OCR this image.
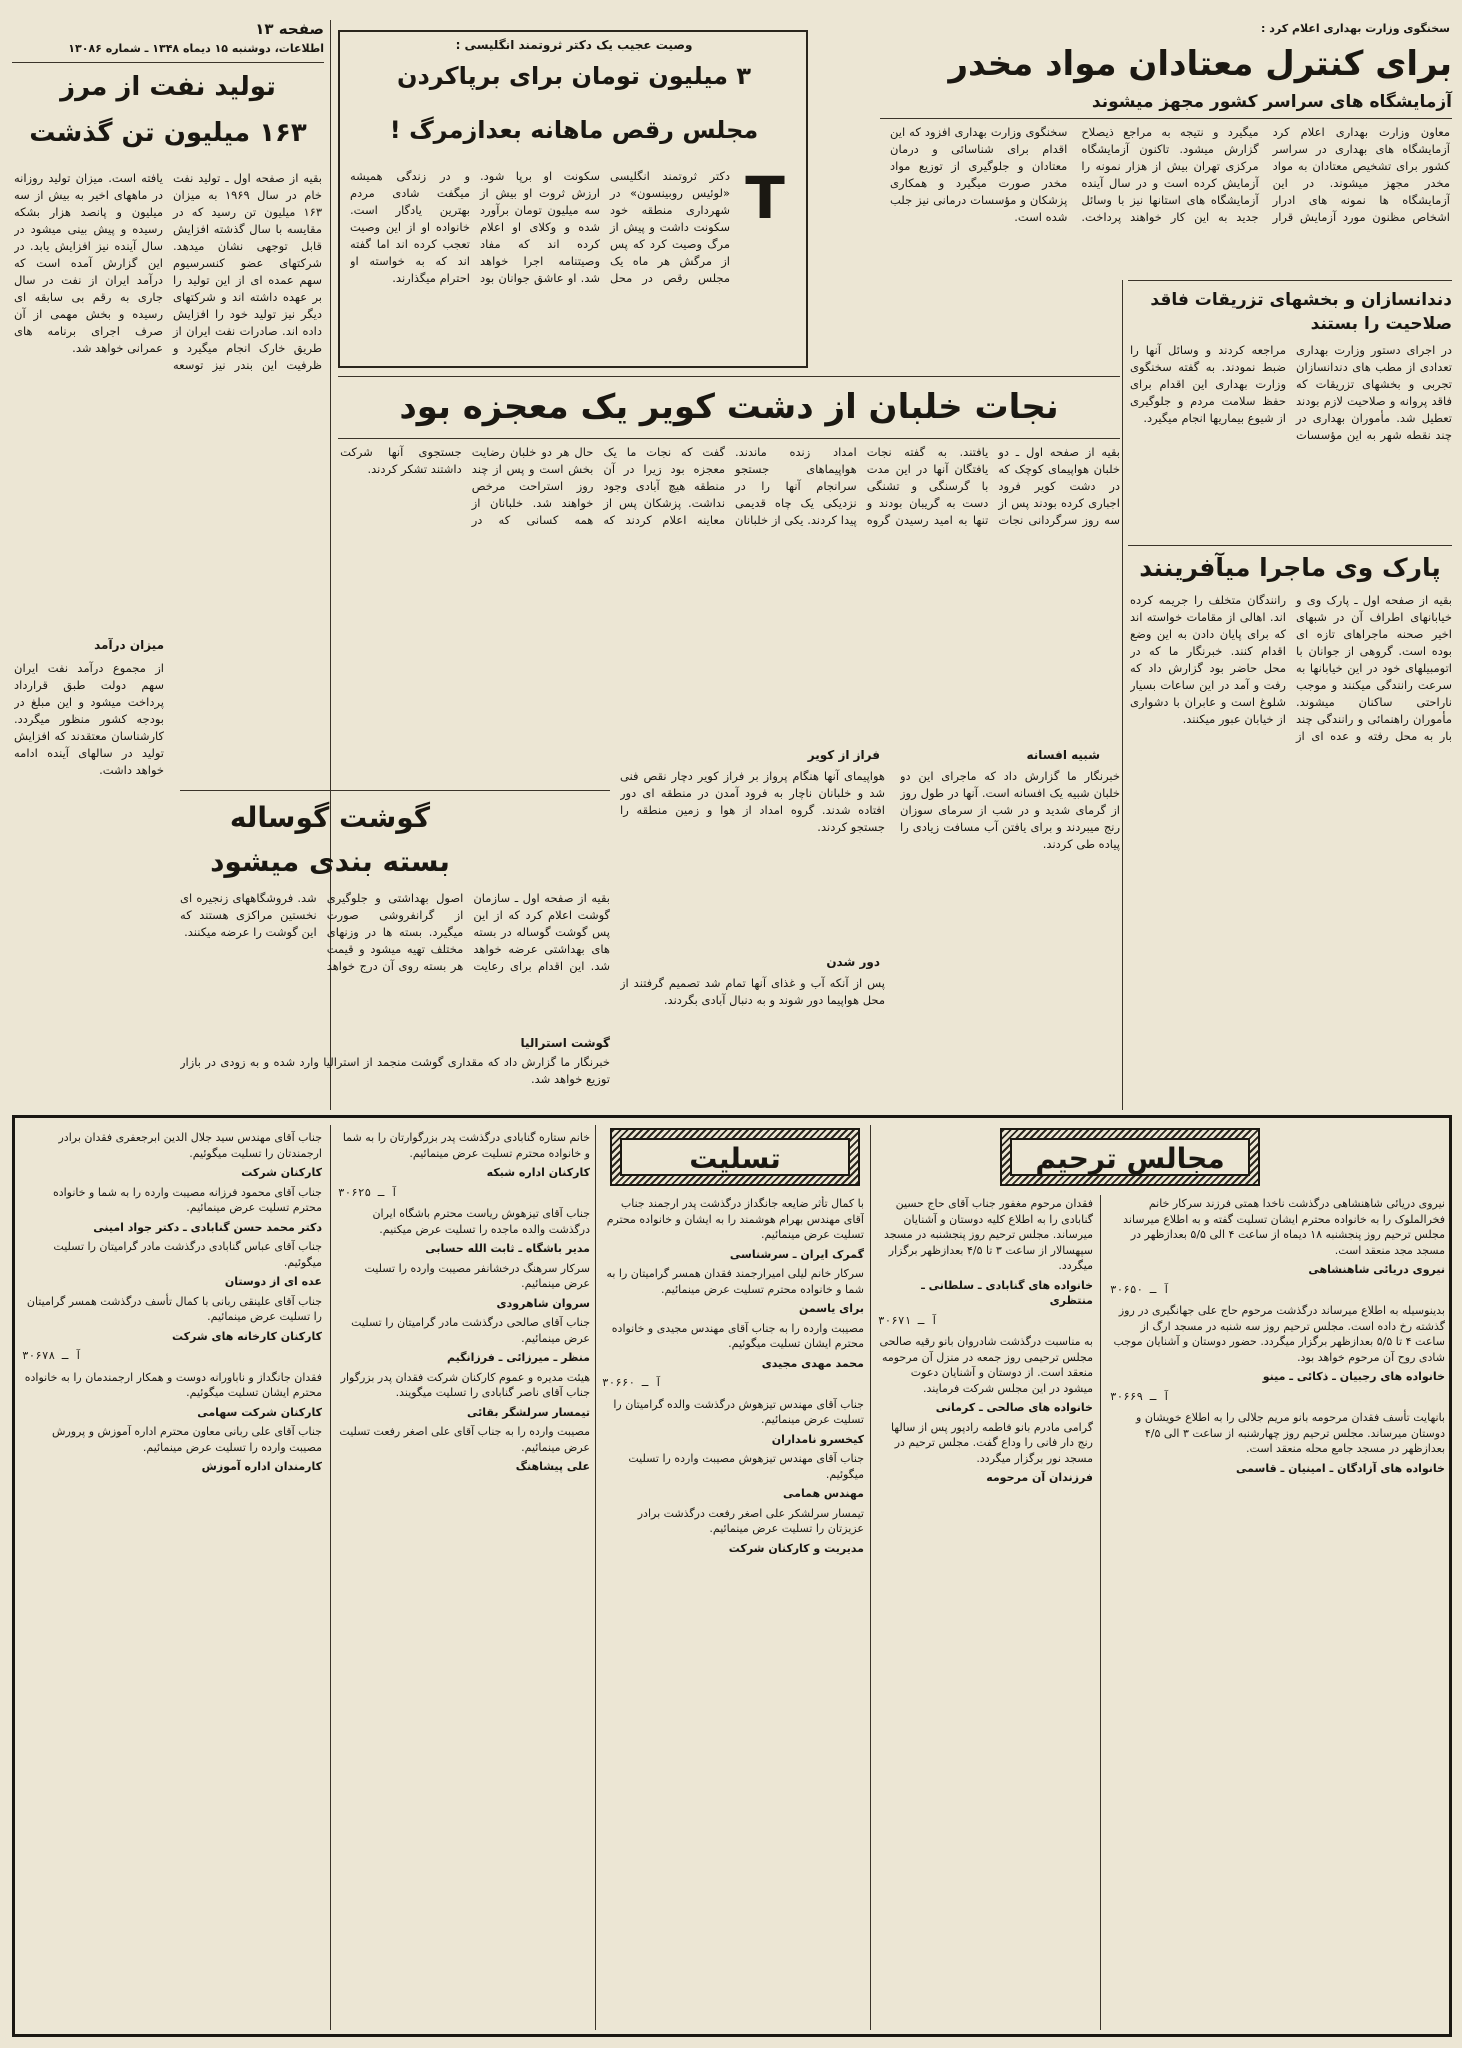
سخنگوی وزارت بهداری اعلام کرد :
برای کنترل معتادان مواد مخدر
آزمایشگاه های سراسر کشور مجهز میشوند
معاون وزارت بهداری اعلام کرد آزمایشگاه های بهداری در سراسر کشور برای تشخیص معتادان به مواد مخدر مجهز میشوند. در این آزمایشگاه ها نمونه های ادرار اشخاص مظنون مورد آزمایش قرار میگیرد و نتیجه به مراجع ذیصلاح گزارش میشود. تاکنون آزمایشگاه مرکزی تهران بیش از هزار نمونه را آزمایش کرده است و در سال آینده آزمایشگاه های استانها نیز با وسائل جدید به این کار خواهند پرداخت. سخنگوی وزارت بهداری افزود که این اقدام برای شناسائی و درمان معتادان و جلوگیری از توزیع مواد مخدر صورت میگیرد و همکاری پزشکان و مؤسسات درمانی نیز جلب شده است.
دندانسازان و بخشهای تزریقات فاقد صلاحیت را بستند
در اجرای دستور وزارت بهداری تعدادی از مطب های دندانسازان تجربی و بخشهای تزریقات که فاقد پروانه و صلاحیت لازم بودند تعطیل شد. مأموران بهداری در چند نقطه شهر به این مؤسسات مراجعه کردند و وسائل آنها را ضبط نمودند. به گفته سخنگوی وزارت بهداری این اقدام برای حفظ سلامت مردم و جلوگیری از شیوع بیماریها انجام میگیرد.
پارک وی ماجرا میآفرینند
بقیه از صفحه اول ـ پارک وی و خیابانهای اطراف آن در شبهای اخیر صحنه ماجراهای تازه ای بوده است. گروهی از جوانان با اتومبیلهای خود در این خیابانها به سرعت رانندگی میکنند و موجب ناراحتی ساکنان میشوند. مأموران راهنمائی و رانندگی چند بار به محل رفته و عده ای از رانندگان متخلف را جریمه کرده اند. اهالی از مقامات خواسته اند که برای پایان دادن به این وضع اقدام کنند. خبرنگار ما که در محل حاضر بود گزارش داد که رفت و آمد در این ساعات بسیار شلوغ است و عابران با دشواری از خیابان عبور میکنند.
وصیت عجیب یک دکتر ثروتمند انگلیسی :
۳ میلیون تومان برای برپاکردن
مجلس رقص ماهانه بعدازمرگ !
T
دکتر ثروتمند انگلیسی «لوئیس روبینسون» در شهرداری منطقه خود سکونت داشت و پیش از مرگ وصیت کرد که پس از مرگش هر ماه یک مجلس رقص در محل سکونت او برپا شود. ارزش ثروت او بیش از سه میلیون تومان برآورد شده و وکلای او اعلام کرده اند که مفاد وصیتنامه اجرا خواهد شد. او عاشق جوانان بود و در زندگی همیشه میگفت شادی مردم بهترین یادگار است. خانواده او از این وصیت تعجب کرده اند اما گفته اند که به خواسته او احترام میگذارند.
صفحه ۱۳
اطلاعات، دوشنبه ۱۵ دیماه ۱۳۴۸ ـ شماره ۱۳۰۸۶
تولید نفت از مرز
۱۶۳ میلیون تن گذشت
بقیه از صفحه اول ـ تولید نفت خام در سال ۱۹۶۹ به میزان ۱۶۳ میلیون تن رسید که در مقایسه با سال گذشته افزایش قابل توجهی نشان میدهد. شرکتهای عضو کنسرسیوم سهم عمده ای از این تولید را بر عهده داشته اند و شرکتهای دیگر نیز تولید خود را افزایش داده اند. صادرات نفت ایران از طریق خارک انجام میگیرد و ظرفیت این بندر نیز توسعه یافته است. میزان تولید روزانه در ماههای اخیر به بیش از سه میلیون و پانصد هزار بشکه رسیده و پیش بینی میشود در سال آینده نیز افزایش یابد. در این گزارش آمده است که درآمد ایران از نفت در سال جاری به رقم بی سابقه ای رسیده و بخش مهمی از آن صرف اجرای برنامه های عمرانی خواهد شد.
میزان درآمد
از مجموع درآمد نفت ایران سهم دولت طبق قرارداد پرداخت میشود و این مبلغ در بودجه کشور منظور میگردد. کارشناسان معتقدند که افزایش تولید در سالهای آینده ادامه خواهد داشت.
نجات خلبان از دشت کویر یک معجزه بود
بقیه از صفحه اول ـ دو خلبان هواپیمای کوچک که در دشت کویر فرود اجباری کرده بودند پس از سه روز سرگردانی نجات یافتند. به گفته نجات یافتگان آنها در این مدت با گرسنگی و تشنگی دست به گریبان بودند و تنها به امید رسیدن گروه امداد زنده ماندند. هواپیماهای جستجو سرانجام آنها را در نزدیکی یک چاه قدیمی پیدا کردند. یکی از خلبانان گفت که نجات ما یک معجزه بود زیرا در آن منطقه هیچ آبادی وجود نداشت. پزشکان پس از معاینه اعلام کردند که حال هر دو خلبان رضایت بخش است و پس از چند روز استراحت مرخص خواهند شد. خلبانان از همه کسانی که در جستجوی آنها شرکت داشتند تشکر کردند.
شبیه افسانه
خبرنگار ما گزارش داد که ماجرای این دو خلبان شبیه یک افسانه است. آنها در طول روز از گرمای شدید و در شب از سرمای سوزان رنج میبردند و برای یافتن آب مسافت زیادی را پیاده طی کردند.
فراز از کویر
هواپیمای آنها هنگام پرواز بر فراز کویر دچار نقص فنی شد و خلبانان ناچار به فرود آمدن در منطقه ای دور افتاده شدند. گروه امداد از هوا و زمین منطقه را جستجو کردند.
دور شدن
پس از آنکه آب و غذای آنها تمام شد تصمیم گرفتند از محل هواپیما دور شوند و به دنبال آبادی بگردند.
گوشت گوساله
بسته بندی میشود
بقیه از صفحه اول ـ سازمان گوشت اعلام کرد که از این پس گوشت گوساله در بسته های بهداشتی عرضه خواهد شد. این اقدام برای رعایت اصول بهداشتی و جلوگیری از گرانفروشی صورت میگیرد. بسته ها در وزنهای مختلف تهیه میشود و قیمت هر بسته روی آن درج خواهد شد. فروشگاههای زنجیره ای نخستین مراکزی هستند که این گوشت را عرضه میکنند.
گوشت استرالیا
خبرنگار ما گزارش داد که مقداری گوشت منجمد از استرالیا وارد شده و به زودی در بازار توزیع خواهد شد.
مجالس ترحیم
تسلیت

نیروی دریائی شاهنشاهی درگذشت ناخدا همتی فرزند سرکار خانم فخرالملوک را به خانواده محترم ایشان تسلیت گفته و به اطلاع میرساند مجلس ترحیم روز پنجشنبه ۱۸ دیماه از ساعت ۴ الی ۵/۵ بعدازظهر در مسجد مجد منعقد است.

نیروی دریائی شاهنشاهی

آ ـ ۳۰۶۵۰

بدینوسیله به اطلاع میرساند درگذشت مرحوم حاج علی جهانگیری در روز گذشته رخ داده است. مجلس ترحیم روز سه شنبه در مسجد ارگ از ساعت ۴ تا ۵/۵ بعدازظهر برگزار میگردد. حضور دوستان و آشنایان موجب شادی روح آن مرحوم خواهد بود.

خانواده های رجبیان ـ ذکائی ـ مینو

آ ـ ۳۰۶۶۹

بانهایت تأسف فقدان مرحومه بانو مریم جلالی را به اطلاع خویشان و دوستان میرساند. مجلس ترحیم روز چهارشنبه از ساعت ۳ الی ۴/۵ بعدازظهر در مسجد جامع محله منعقد است.

خانواده های آزادگان ـ امینیان ـ قاسمی

فقدان مرحوم مغفور جناب آقای حاج حسین گنابادی را به اطلاع کلیه دوستان و آشنایان میرساند. مجلس ترحیم روز پنجشنبه در مسجد سپهسالار از ساعت ۳ تا ۴/۵ بعدازظهر برگزار میگردد.

خانواده های گنابادی ـ سلطانی ـ منتظری

آ ـ ۳۰۶۷۱

به مناسبت درگذشت شادروان بانو رقیه صالحی مجلس ترحیمی روز جمعه در منزل آن مرحومه منعقد است. از دوستان و آشنایان دعوت میشود در این مجلس شرکت فرمایند.

خانواده های صالحی ـ کرمانی

گرامی مادرم بانو فاطمه رادپور پس از سالها رنج دار فانی را وداع گفت. مجلس ترحیم در مسجد نور برگزار میگردد.

فرزندان آن مرحومه

با کمال تأثر ضایعه جانگداز درگذشت پدر ارجمند جناب آقای مهندس بهرام هوشمند را به ایشان و خانواده محترم تسلیت عرض مینمائیم.

گمرک ایران ـ سرشناسی

سرکار خانم لیلی امیرارجمند فقدان همسر گرامیتان را به شما و خانواده محترم تسلیت عرض مینمائیم.

برای یاسمن

مصیبت وارده را به جناب آقای مهندس مجیدی و خانواده محترم ایشان تسلیت میگوئیم.

محمد مهدی مجیدی

آ ـ ۳۰۶۶۰

جناب آقای مهندس تیزهوش درگذشت والده گرامیتان را تسلیت عرض مینمائیم.

کیخسرو نامداران

جناب آقای مهندس تیزهوش مصیبت وارده را تسلیت میگوئیم.

مهندس همامی

تیمسار سرلشکر علی اصغر رفعت درگذشت برادر عزیزتان را تسلیت عرض مینمائیم.

مدیریت و کارکنان شرکت

خانم ستاره گنابادی درگذشت پدر بزرگوارتان را به شما و خانواده محترم تسلیت عرض مینمائیم.

کارکنان اداره شبکه

آ ـ ۳۰۶۲۵

جناب آقای تیزهوش ریاست محترم باشگاه ایران درگذشت والده ماجده را تسلیت عرض میکنیم.

مدیر باشگاه ـ ثابت الله حسابی

سرکار سرهنگ درخشانفر مصیبت وارده را تسلیت عرض مینمائیم.

سروان شاهرودی

جناب آقای صالحی درگذشت مادر گرامیتان را تسلیت عرض مینمائیم.

منظر ـ میرزائی ـ فرزانگیم

هیئت مدیره و عموم کارکنان شرکت فقدان پدر بزرگوار جناب آقای ناصر گنابادی را تسلیت میگویند.

تیمسار سرلشگر بقائی

مصیبت وارده را به جناب آقای علی اصغر رفعت تسلیت عرض مینمائیم.

علی پیشاهنگ

جناب آقای مهندس سید جلال الدین ابرجعفری فقدان برادر ارجمندتان را تسلیت میگوئیم.

کارکنان شرکت

جناب آقای محمود فرزانه مصیبت وارده را به شما و خانواده محترم تسلیت عرض مینمائیم.

دکتر محمد حسن گنابادی ـ دکتر جواد امینی

جناب آقای عباس گنابادی درگذشت مادر گرامیتان را تسلیت میگوئیم.

عده ای از دوستان

جناب آقای علینقی ربانی با کمال تأسف درگذشت همسر گرامیتان را تسلیت عرض مینمائیم.

کارکنان کارخانه های شرکت

آ ـ ۳۰۶۷۸

فقدان جانگداز و ناباورانه دوست و همکار ارجمندمان را به خانواده محترم ایشان تسلیت میگوئیم.

کارکنان شرکت سهامی

جناب آقای علی ربانی معاون محترم اداره آموزش و پرورش مصیبت وارده را تسلیت عرض مینمائیم.

کارمندان اداره آموزش
